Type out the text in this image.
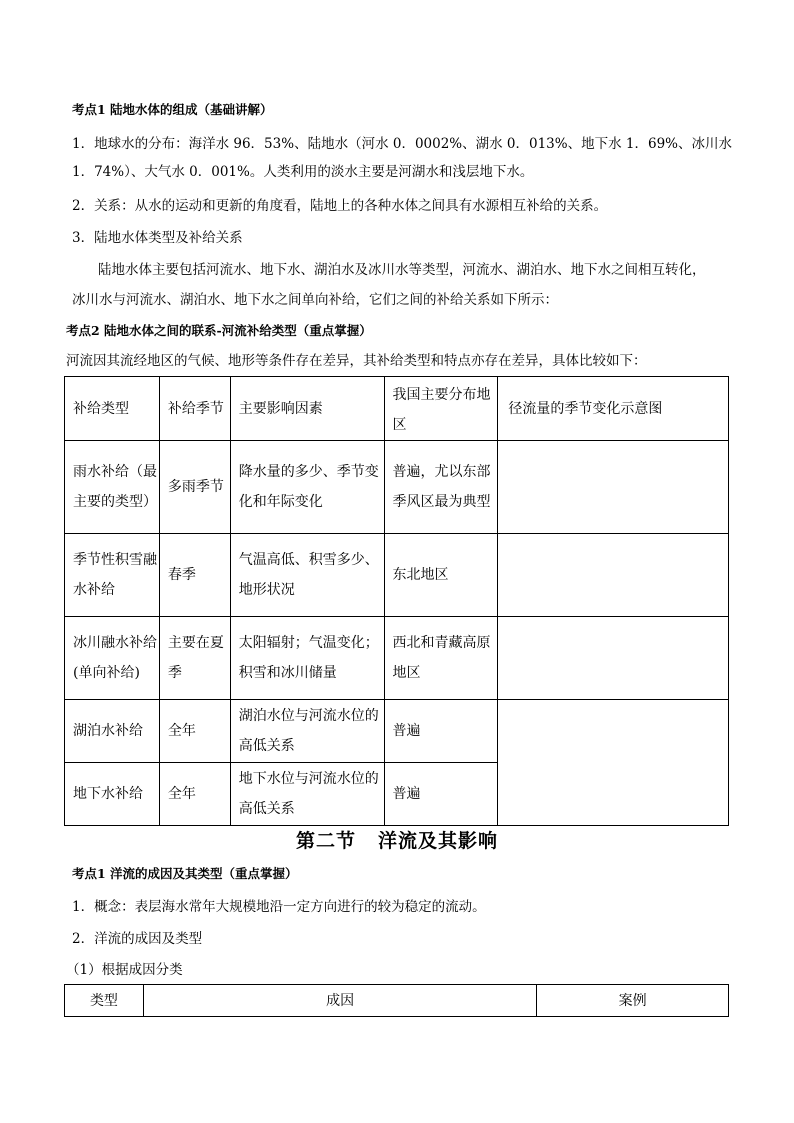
考点1 陆地水体的组成（基础讲解）
1．地球水的分布：海洋水 96．53%、陆地水（河水 0．0002%、湖水 0．013%、地下水 1．69%、冰川水
1．74%）、大气水 0．001%。人类利用的淡水主要是河湖水和浅层地下水。
2．关系：从水的运动和更新的角度看，陆地上的各种水体之间具有水源相互补给的关系。
3．陆地水体类型及补给关系
陆地水体主要包括河流水、地下水、湖泊水及冰川水等类型，河流水、湖泊水、地下水之间相互转化，
冰川水与河流水、湖泊水、地下水之间单向补给，它们之间的补给关系如下所示：
考点2 陆地水体之间的联系-河流补给类型（重点掌握）
河流因其流经地区的气候、地形等条件存在差异，其补给类型和特点亦存在差异，具体比较如下：
补给类型	补给季节	主要影响因素	我国主要分布地区	径流量的季节变化示意图
雨水补给（最主要的类型）	多雨季节	降水量的多少、季节变化和年际变化	普遍，尤以东部季风区最为典型	
季节性积雪融水补给	春季	气温高低、积雪多少、地形状况	东北地区	
冰川融水补给(单向补给)	主要在夏季	太阳辐射；气温变化；积雪和冰川储量	西北和青藏高原地区	
湖泊水补给	全年	湖泊水位与河流水位的高低关系	普遍	
地下水补给	全年	地下水位与河流水位的高低关系	普遍	
第二节 洋流及其影响
考点1 洋流的成因及其类型（重点掌握）
1．概念：表层海水常年大规模地沿一定方向进行的较为稳定的流动。
2．洋流的成因及类型
（1）根据成因分类
类型	成因	案例
